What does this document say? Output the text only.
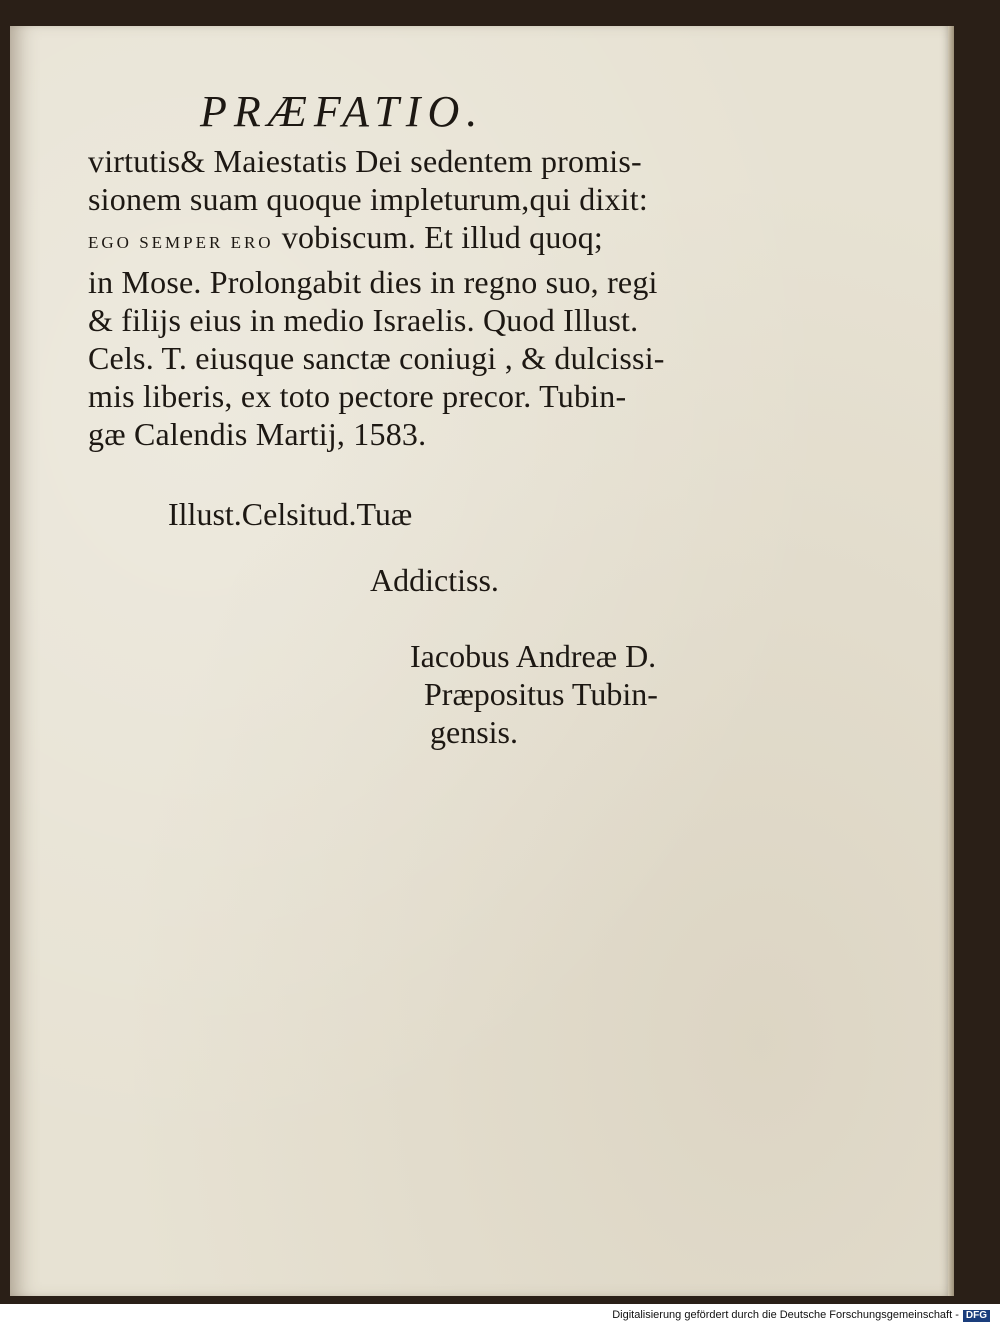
PRÆFATIO.
virtutis& Maiestatis Dei sedentem promis-
sionem suam quoque impleturum,qui dixit:
EGO SEMPER ERO vobiscum. Et illud quoq;
in Mose. Prolongabit dies in regno suo, regi
& filijs eius in medio Israelis. Quod Illust.
Cels. T. eiusque sanctæ coniugi , & dulcissi-
mis liberis, ex toto pectore precor. Tubin-
gæ Calendis Martij, 1583.
Illust.Celsitud.Tuæ
Addictiss.
Iacobus Andreæ D.
Præpositus Tubin-
gensis.
Digitalisierung gefördert durch die Deutsche Forschungsgemeinschaft - DFG
